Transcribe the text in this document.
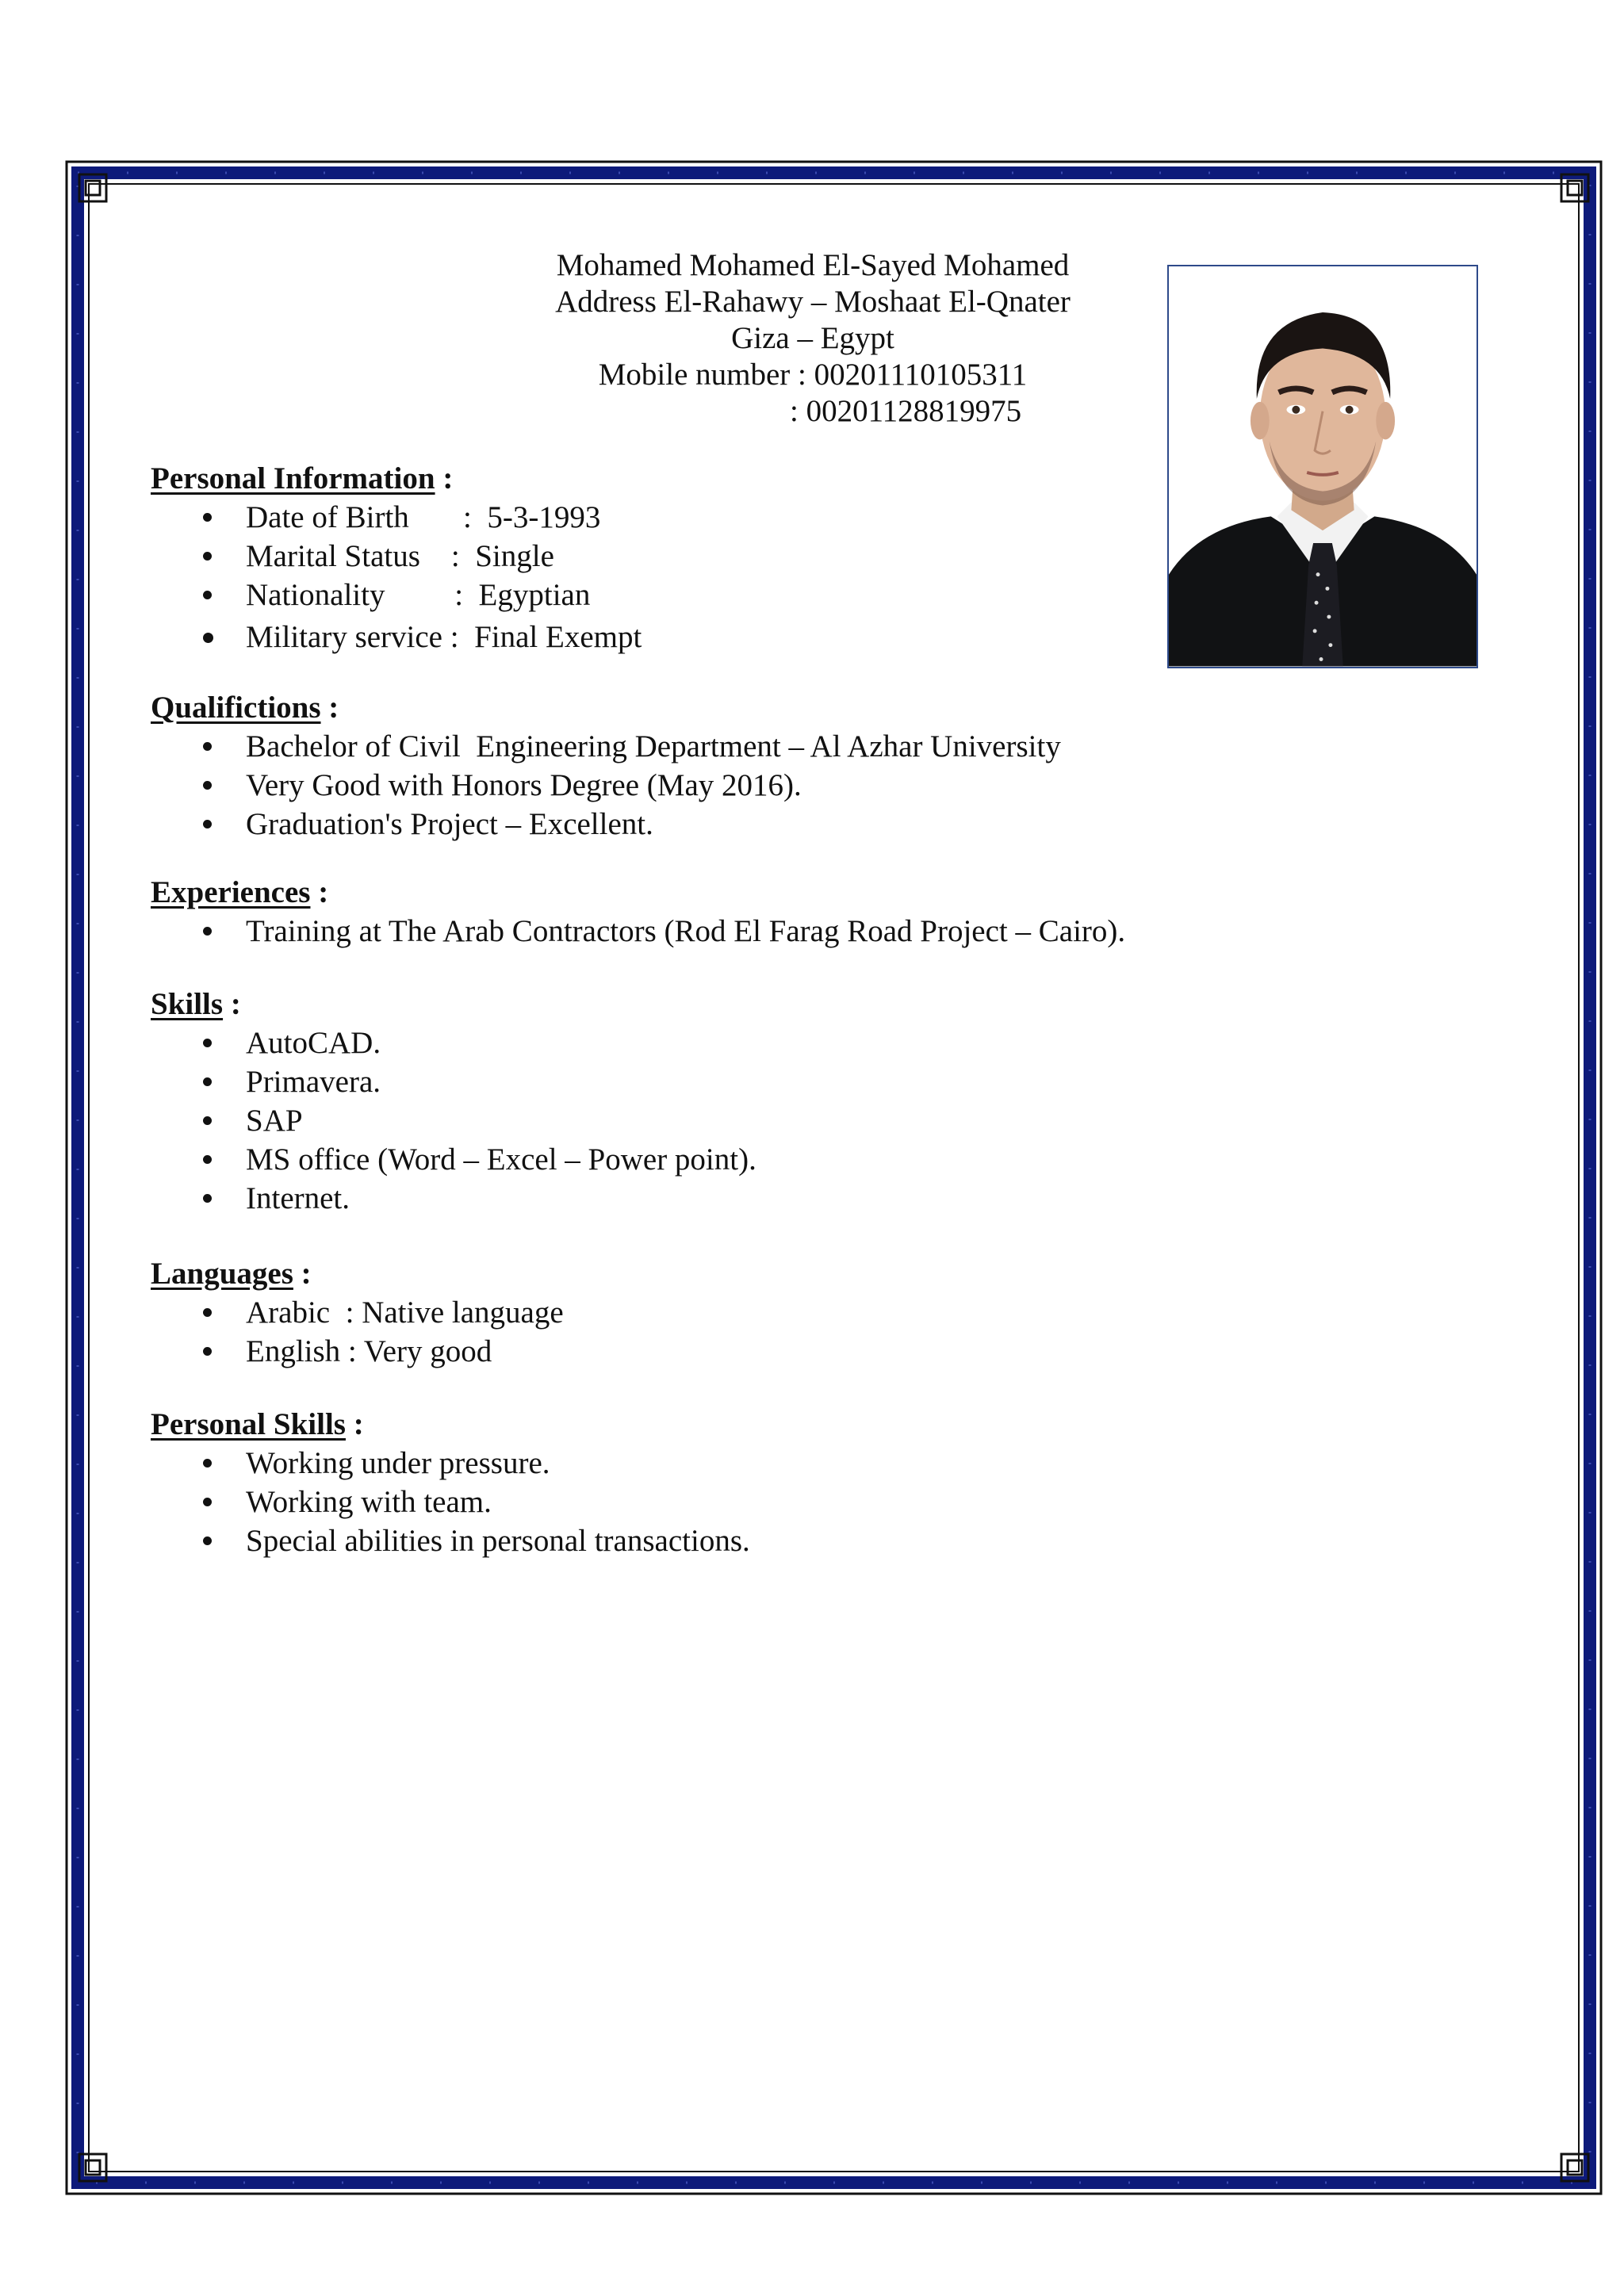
Mohamed Mohamed El-Sayed Mohamed
Address El-Rahawy – Moshaat El-Qnater
Giza – Egypt
Mobile number : 00201110105311
: 00201128819975
Personal Information :
Date of Birth       :  5-3-1993
Marital Status    :  Single
Nationality         :  Egyptian
Military service :  Final Exempt
Qualifictions :
Bachelor of Civil  Engineering Department – Al Azhar University
Very Good with Honors Degree (May 2016).
Graduation's Project – Excellent.
Experiences :
Training at The Arab Contractors (Rod El Farag Road Project – Cairo).
Skills :
AutoCAD.
Primavera.
SAP
MS office (Word – Excel – Power point).
Internet.
Languages :
Arabic  : Native language
English : Very good
Personal Skills :
Working under pressure.
Working with team.
Special abilities in personal transactions.
